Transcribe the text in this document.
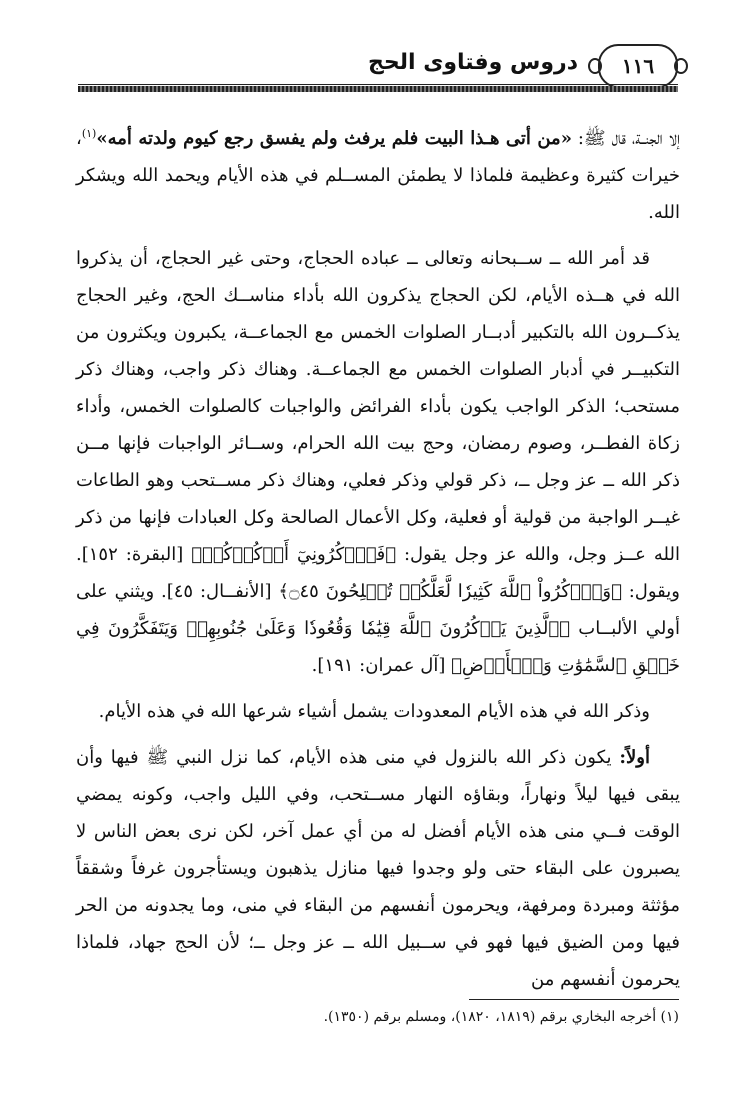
١١٦
دروس وفتاوى الحج

إلا الجنــة، قال ﷺ: «من أتى هـذا البيت فلم يرفث ولم يفسق رجع كيوم ولدته أمه»$^{(١)}$، خيرات كثيرة وعظيمة فلماذا لا يطمئن المســلم في هذه الأيام ويحمد الله ويشكر الله.

قد أمر الله ــ ســبحانه وتعالى ــ عباده الحجاج، وحتى غير الحجاج، أن يذكروا الله في هــذه الأيام، لكن الحجاج يذكرون الله بأداء مناســك الحج، وغير الحجاج يذكــرون الله بالتكبير أدبــار الصلوات الخمس مع الجماعــة، يكبرون ويكثرون من التكبيــر في أدبار الصلوات الخمس مع الجماعــة. وهناك ذكر واجب، وهناك ذكر مستحب؛ الذكر الواجب يكون بأداء الفرائض والواجبات كالصلوات الخمس، وأداء زكاة الفطــر، وصوم رمضان، وحج بيت الله الحرام، وســائر الواجبات فإنها مــن ذكر الله ــ عز وجل ــ، ذكر قولي وذكر فعلي، وهناك ذكر مســتحب وهو الطاعات غيــر الواجبة من قولية أو فعلية، وكل الأعمال الصالحة وكل العبادات فإنها من ذكر الله عــز وجل، والله عز وجل يقول: ﴿فَٱذۡكُرُونِيٓ أَذۡكُرۡكُمۡ﴾ [البقرة: ١٥٢]. ويقول: ﴿وَٱذۡكُرُواْ ٱللَّهَ كَثِيرٗا لَّعَلَّكُمۡ تُفۡلِحُونَ ۝٤٥﴾ [الأنفــال: ٤٥]. ويثني على أولي الألبــاب ﴿ٱلَّذِينَ يَذۡكُرُونَ ٱللَّهَ قِيَٰمٗا وَقُعُودٗا وَعَلَىٰ جُنُوبِهِمۡ وَيَتَفَكَّرُونَ فِي خَلۡقِ ٱلسَّمَٰوَٰتِ وَٱلۡأَرۡضِ﴾ [آل عمران: ١٩١].

وذكر الله في هذه الأيام المعدودات يشمل أشياء شرعها الله في هذه الأيام.

أولاً: يكون ذكر الله بالنزول في منى هذه الأيام، كما نزل النبي ﷺ فيها وأن يبقى فيها ليلاً ونهاراً، وبقاؤه النهار مســتحب، وفي الليل واجب، وكونه يمضي الوقت فــي منى هذه الأيام أفضل له من أي عمل آخر، لكن نرى بعض الناس لا يصبرون على البقاء حتى ولو وجدوا فيها منازل يذهبون ويستأجرون غرفاً وشققاً مؤثثة ومبردة ومرفهة، ويحرمون أنفسهم من البقاء في منى، وما يجدونه من الحر فيها ومن الضيق فيها فهو في ســبيل الله ــ عز وجل ــ؛ لأن الحج جهاد، فلماذا يحرمون أنفسهم من

(١) أخرجه البخاري برقم (١٨١٩، ١٨٢٠)، ومسلم برقم (١٣٥٠).
